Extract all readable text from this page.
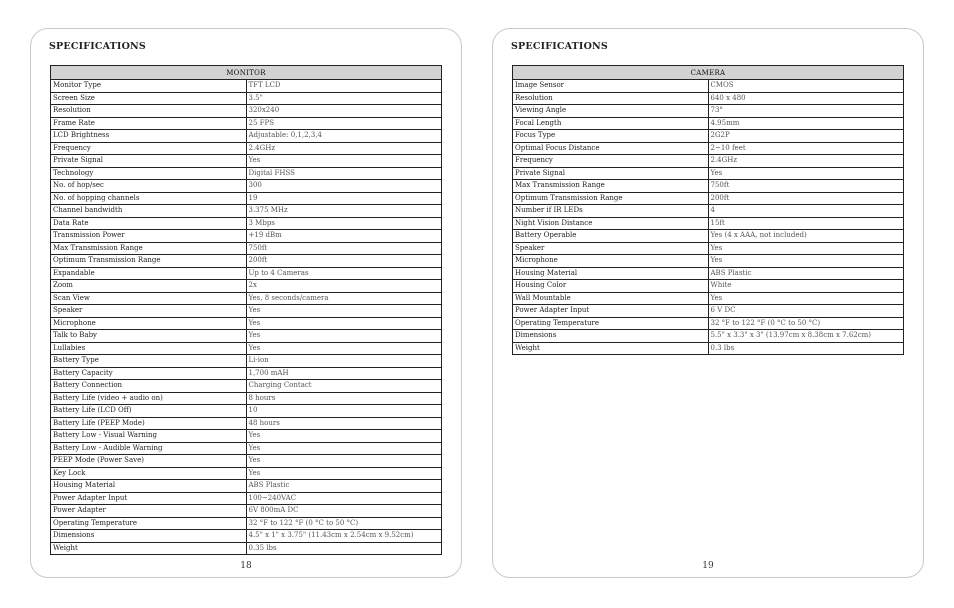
SPECIFICATIONS
MONITOR	
Monitor Type	TFT LCD
Screen Size	3.5"
Resolution	320x240
Frame Rate	25 FPS
LCD Brightness	Adjustable: 0,1,2,3,4
Frequency	2.4GHz
Private Signal	Yes
Technology	Digital FHSS
No. of hop/sec	300
No. of hopping channels	19
Channel bandwidth	3.375 MHz
Data Rate	3 Mbps
Transmission Power	+19 dBm
Max Transmission Range	750ft
Optimum Transmission Range	200ft
Expandable	Up to 4 Cameras
Zoom	2x
Scan View	Yes, 8 seconds/camera
Speaker	Yes
Microphone	Yes
Talk to Baby	Yes
Lullabies	Yes
Battery Type	Li-ion
Battery Capacity	1,700 mAH
Battery Connection	Charging Contact
Battery Life (video + audio on)	8 hours
Battery Life (LCD Off)	10
Battery Life (PEEP Mode)	48 hours
Battery Low - Visual Warning	Yes
Battery Low - Audible Warning	Yes
PEEP Mode (Power Save)	Yes
Key Lock	Yes
Housing Material	ABS Plastic
Power Adapter Input	100~240VAC
Power Adapter	6V 800mA DC
Operating Temperature	32 °F to 122 °F (0 °C to 50 °C)
Dimensions	4.5" x 1" x 3.75" (11.43cm x 2.54cm x 9.52cm)
Weight	0.35 lbs
18
SPECIFICATIONS
CAMERA	
Image Sensor	CMOS
Resolution	640 x 480
Viewing Angle	73°
Focal Length	4.95mm
Focus Type	2G2P
Optimal Focus Distance	2~10 feet
Frequency	2.4GHz
Private Signal	Yes
Max Transmission Range	750ft
Optimum Transmission Range	200ft
Number if IR LEDs	4
Night Vision Distance	15ft
Battery Operable	Yes (4 x AAA, not included)
Speaker	Yes
Microphone	Yes
Housing Material	ABS Plastic
Housing Color	White
Wall Mountable	Yes
Power Adapter Input	6 V DC
Operating Temperature	32 °F to 122 °F (0 °C to 50 °C)
Dimensions	5.5" x 3.3" x 3" (13.97cm x 8.38cm x 7.62cm)
Weight	0.3 lbs
19
